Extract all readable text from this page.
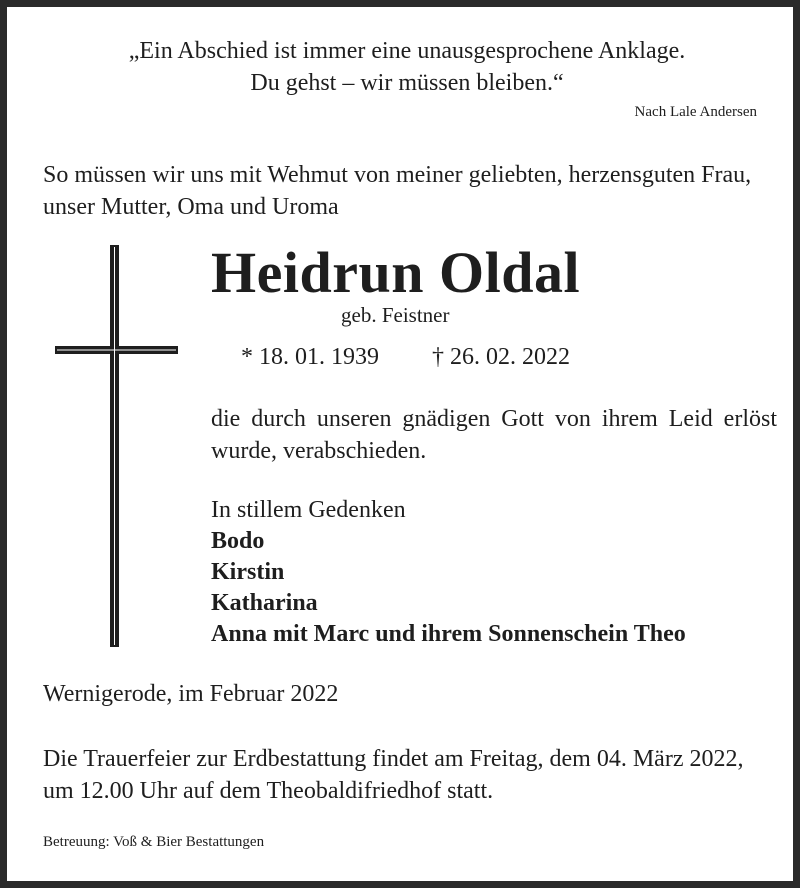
„Ein Abschied ist immer eine unausgesprochene Anklage.
Du gehst – wir müssen bleiben.“
Nach Lale Andersen
So müssen wir uns mit Wehmut von meiner geliebten, herzensguten Frau,
unser Mutter, Oma und Uroma
Heidrun Oldal
geb. Feistner
* 18. 01. 1939 † 26. 02. 2022
die durch unseren gnädigen Gott von ihrem Leid erlöst wurde, verabschieden.
In stillem Gedenken
Bodo
Kirstin
Katharina
Anna mit Marc und ihrem Sonnenschein Theo
Wernigerode, im Februar 2022
Die Trauerfeier zur Erdbestattung findet am Freitag, dem 04. März 2022,
um 12.00 Uhr auf dem Theobaldifriedhof statt.
Betreuung: Voß & Bier Bestattungen
